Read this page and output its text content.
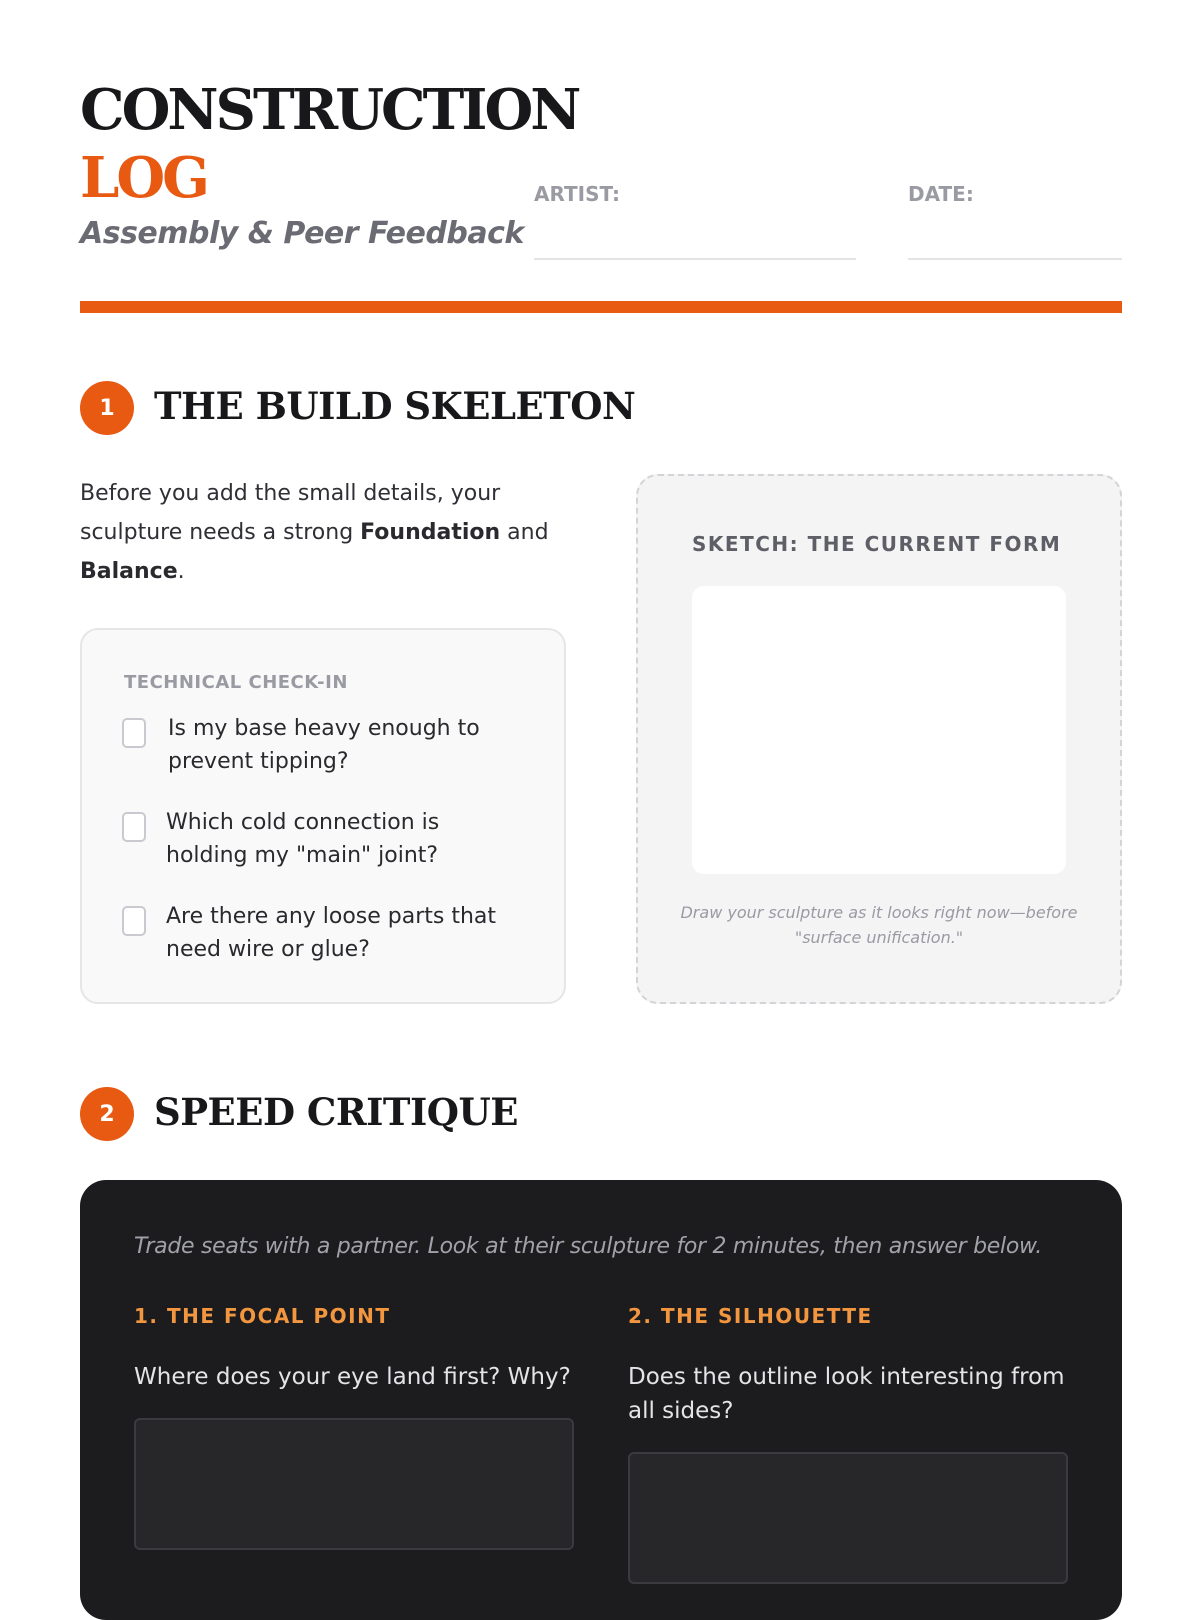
CONSTRUCTION
LOG
Assembly & Peer Feedback
ARTIST:	DATE:
1	THE BUILD SKELETON
Before you add the small details, your sculpture needs a strong Foundation and Balance.
TECHNICAL CHECK-IN
Is my base heavy enough to prevent tipping?
Which cold connection is holding my "main" joint?
Are there any loose parts that need wire or glue?
SKETCH: THE CURRENT FORM
Draw your sculpture as it looks right now—before "surface unification."
2	SPEED CRITIQUE
Trade seats with a partner. Look at their sculpture for 2 minutes, then answer below.
1. THE FOCAL POINT
Where does your eye land first? Why?
2. THE SILHOUETTE
Does the outline look interesting from all sides?
